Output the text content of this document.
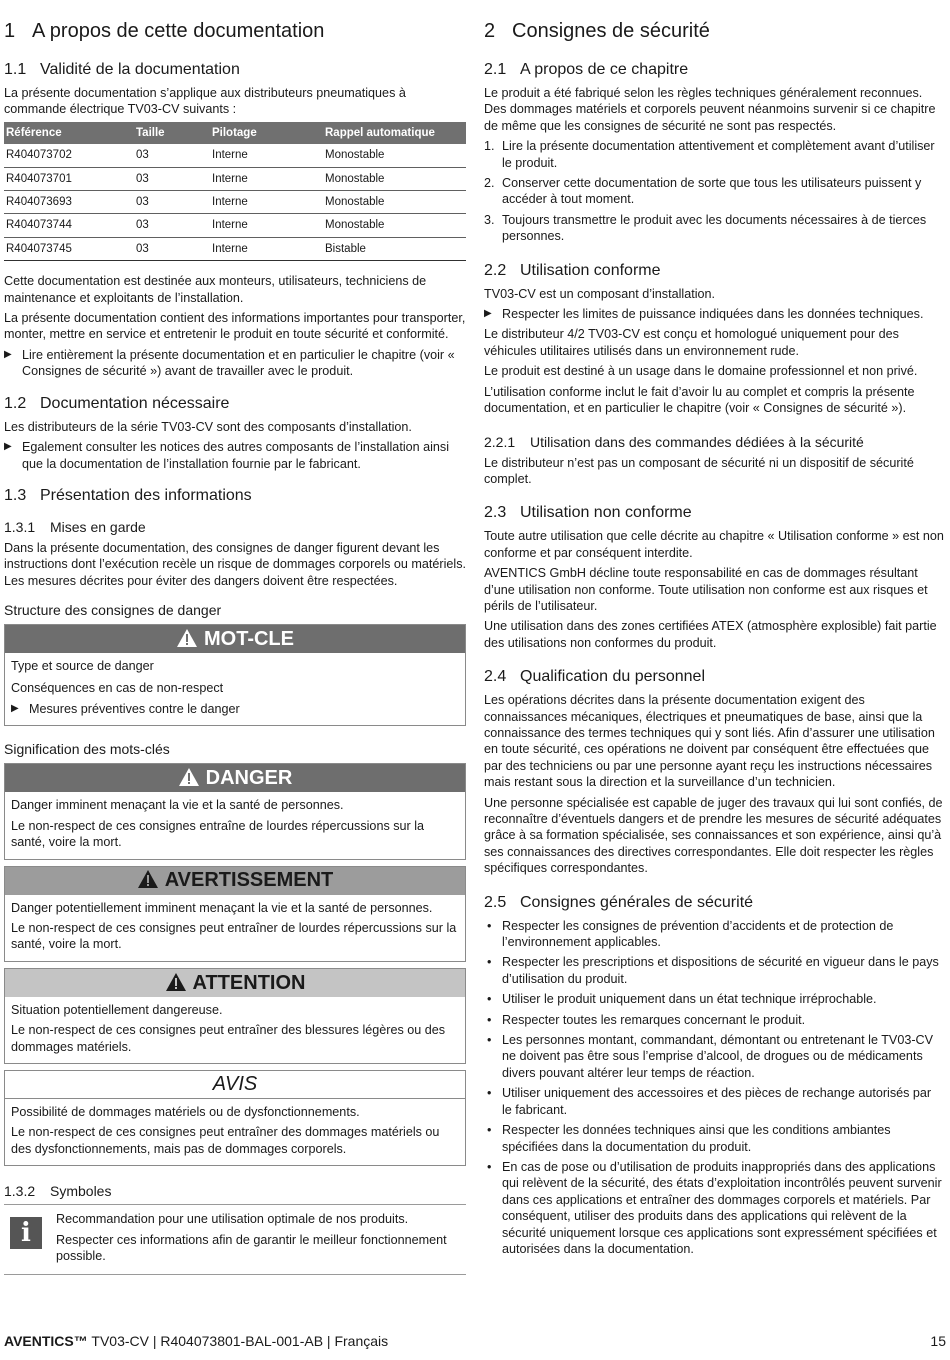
1 A propos de cette documentation
1.1 Validité de la documentation

La présente documentation s’applique aux distributeurs pneumatiques à commande électrique TV03-CV suivants :

Référence	Taille	Pilotage	Rappel automatique
R404073702	03	Interne	Monostable
R404073701	03	Interne	Monostable
R404073693	03	Interne	Monostable
R404073744	03	Interne	Monostable
R404073745	03	Interne	Bistable

Cette documentation est destinée aux monteurs, utilisateurs, techniciens de maintenance et exploitants de l’installation.

La présente documentation contient des informations importantes pour transporter, monter, mettre en service et entretenir le produit en toute sécurité et conformité.

▶ Lire entièrement la présente documentation et en particulier le chapitre (voir « Consignes de sécurité ») avant de travailler avec le produit.
1.2 Documentation nécessaire

Les distributeurs de la série TV03-CV sont des composants d’installation.

▶ Egalement consulter les notices des autres composants de l’installation ainsi que la documentation de l’installation fournie par le fabricant.
1.3 Présentation des informations
1.3.1 Mises en garde

Dans la présente documentation, des consignes de danger figurent devant les instructions dont l’exécution recèle un risque de dommages corporels ou matériels. Les mesures décrites pour éviter des dangers doivent être respectées.

Structure des consignes de danger
MOT-CLE

Type et source de danger

Conséquences en cas de non-respect

▶ Mesures préventives contre le danger
Signification des mots-clés
DANGER

Danger imminent menaçant la vie et la santé de personnes.

Le non-respect de ces consignes entraîne de lourdes répercussions sur la santé, voire la mort.

AVERTISSEMENT

Danger potentiellement imminent menaçant la vie et la santé de personnes.

Le non-respect de ces consignes peut entraîner de lourdes répercussions sur la santé, voire la mort.

ATTENTION

Situation potentiellement dangereuse.

Le non-respect de ces consignes peut entraîner des blessures légères ou des dommages matériels.

AVIS

Possibilité de dommages matériels ou de dysfonctionnements.

Le non-respect de ces consignes peut entraîner des dommages matériels ou des dysfonctionnements, mais pas de dommages corporels.

1.3.2 Symboles
i	Recommandation pour une utilisation optimale de nos produits.

Respecter ces informations afin de garantir le meilleur fonctionnement possible.

2 Consignes de sécurité
2.1 A propos de ce chapitre

Le produit a été fabriqué selon les règles techniques généralement reconnues. Des dommages matériels et corporels peuvent néanmoins survenir si ce chapitre de même que les consignes de sécurité ne sont pas respectés.

1. Lire la présente documentation attentivement et complètement avant d’utiliser le produit.
2. Conserver cette documentation de sorte que tous les utilisateurs puissent y accéder à tout moment.
3. Toujours transmettre le produit avec les documents nécessaires à de tierces personnes.
2.2 Utilisation conforme

TV03-CV est un composant d’installation.

▶ Respecter les limites de puissance indiquées dans les données techniques.

Le distributeur 4/2 TV03-CV est conçu et homologué uniquement pour des véhicules utilitaires utilisés dans un environnement rude.

Le produit est destiné à un usage dans le domaine professionnel et non privé.

L’utilisation conforme inclut le fait d’avoir lu au complet et compris la présente documentation, et en particulier le chapitre (voir « Consignes de sécurité »).

2.2.1 Utilisation dans des commandes dédiées à la sécurité

Le distributeur n’est pas un composant de sécurité ni un dispositif de sécurité complet.

2.3 Utilisation non conforme

Toute autre utilisation que celle décrite au chapitre « Utilisation conforme » est non conforme et par conséquent interdite.

AVENTICS GmbH décline toute responsabilité en cas de dommages résultant d’une utilisation non conforme. Toute utilisation non conforme est aux risques et périls de l’utilisateur.

Une utilisation dans des zones certifiées ATEX (atmosphère explosible) fait partie des utilisations non conformes du produit.

2.4 Qualification du personnel

Les opérations décrites dans la présente documentation exigent des connaissances mécaniques, électriques et pneumatiques de base, ainsi que la connaissance des termes techniques qui y sont liés. Afin d’assurer une utilisation en toute sécurité, ces opérations ne doivent par conséquent être effectuées que par des techniciens ou par une personne ayant reçu les instructions nécessaires mais restant sous la direction et la surveillance d’un technicien.

Une personne spécialisée est capable de juger des travaux qui lui sont confiés, de reconnaître d’éventuels dangers et de prendre les mesures de sécurité adéquates grâce à sa formation spécialisée, ses connaissances et son expérience, ainsi qu’à ses connaissances des directives correspondantes. Elle doit respecter les règles spécifiques correspondantes.

2.5 Consignes générales de sécurité
• Respecter les consignes de prévention d’accidents et de protection de l’environnement applicables.
• Respecter les prescriptions et dispositions de sécurité en vigueur dans le pays d’utilisation du produit.
• Utiliser le produit uniquement dans un état technique irréprochable.
• Respecter toutes les remarques concernant le produit.
• Les personnes montant, commandant, démontant ou entretenant le TV03-CV ne doivent pas être sous l’emprise d’alcool, de drogues ou de médicaments divers pouvant altérer leur temps de réaction.
• Utiliser uniquement des accessoires et des pièces de rechange autorisés par le fabricant.
• Respecter les données techniques ainsi que les conditions ambiantes spécifiées dans la documentation du produit.
• En cas de pose ou d’utilisation de produits inappropriés dans des applications qui relèvent de la sécurité, des états d’exploitation incontrôlés peuvent survenir dans ces applications et entraîner des dommages corporels et matériels. Par conséquent, utiliser des produits dans des applications qui relèvent de la sécurité uniquement lorsque ces applications sont expressément spécifiées et autorisées dans la documentation.
AVENTICS™ TV03-CV | R404073801-BAL-001-AB | Français	15
